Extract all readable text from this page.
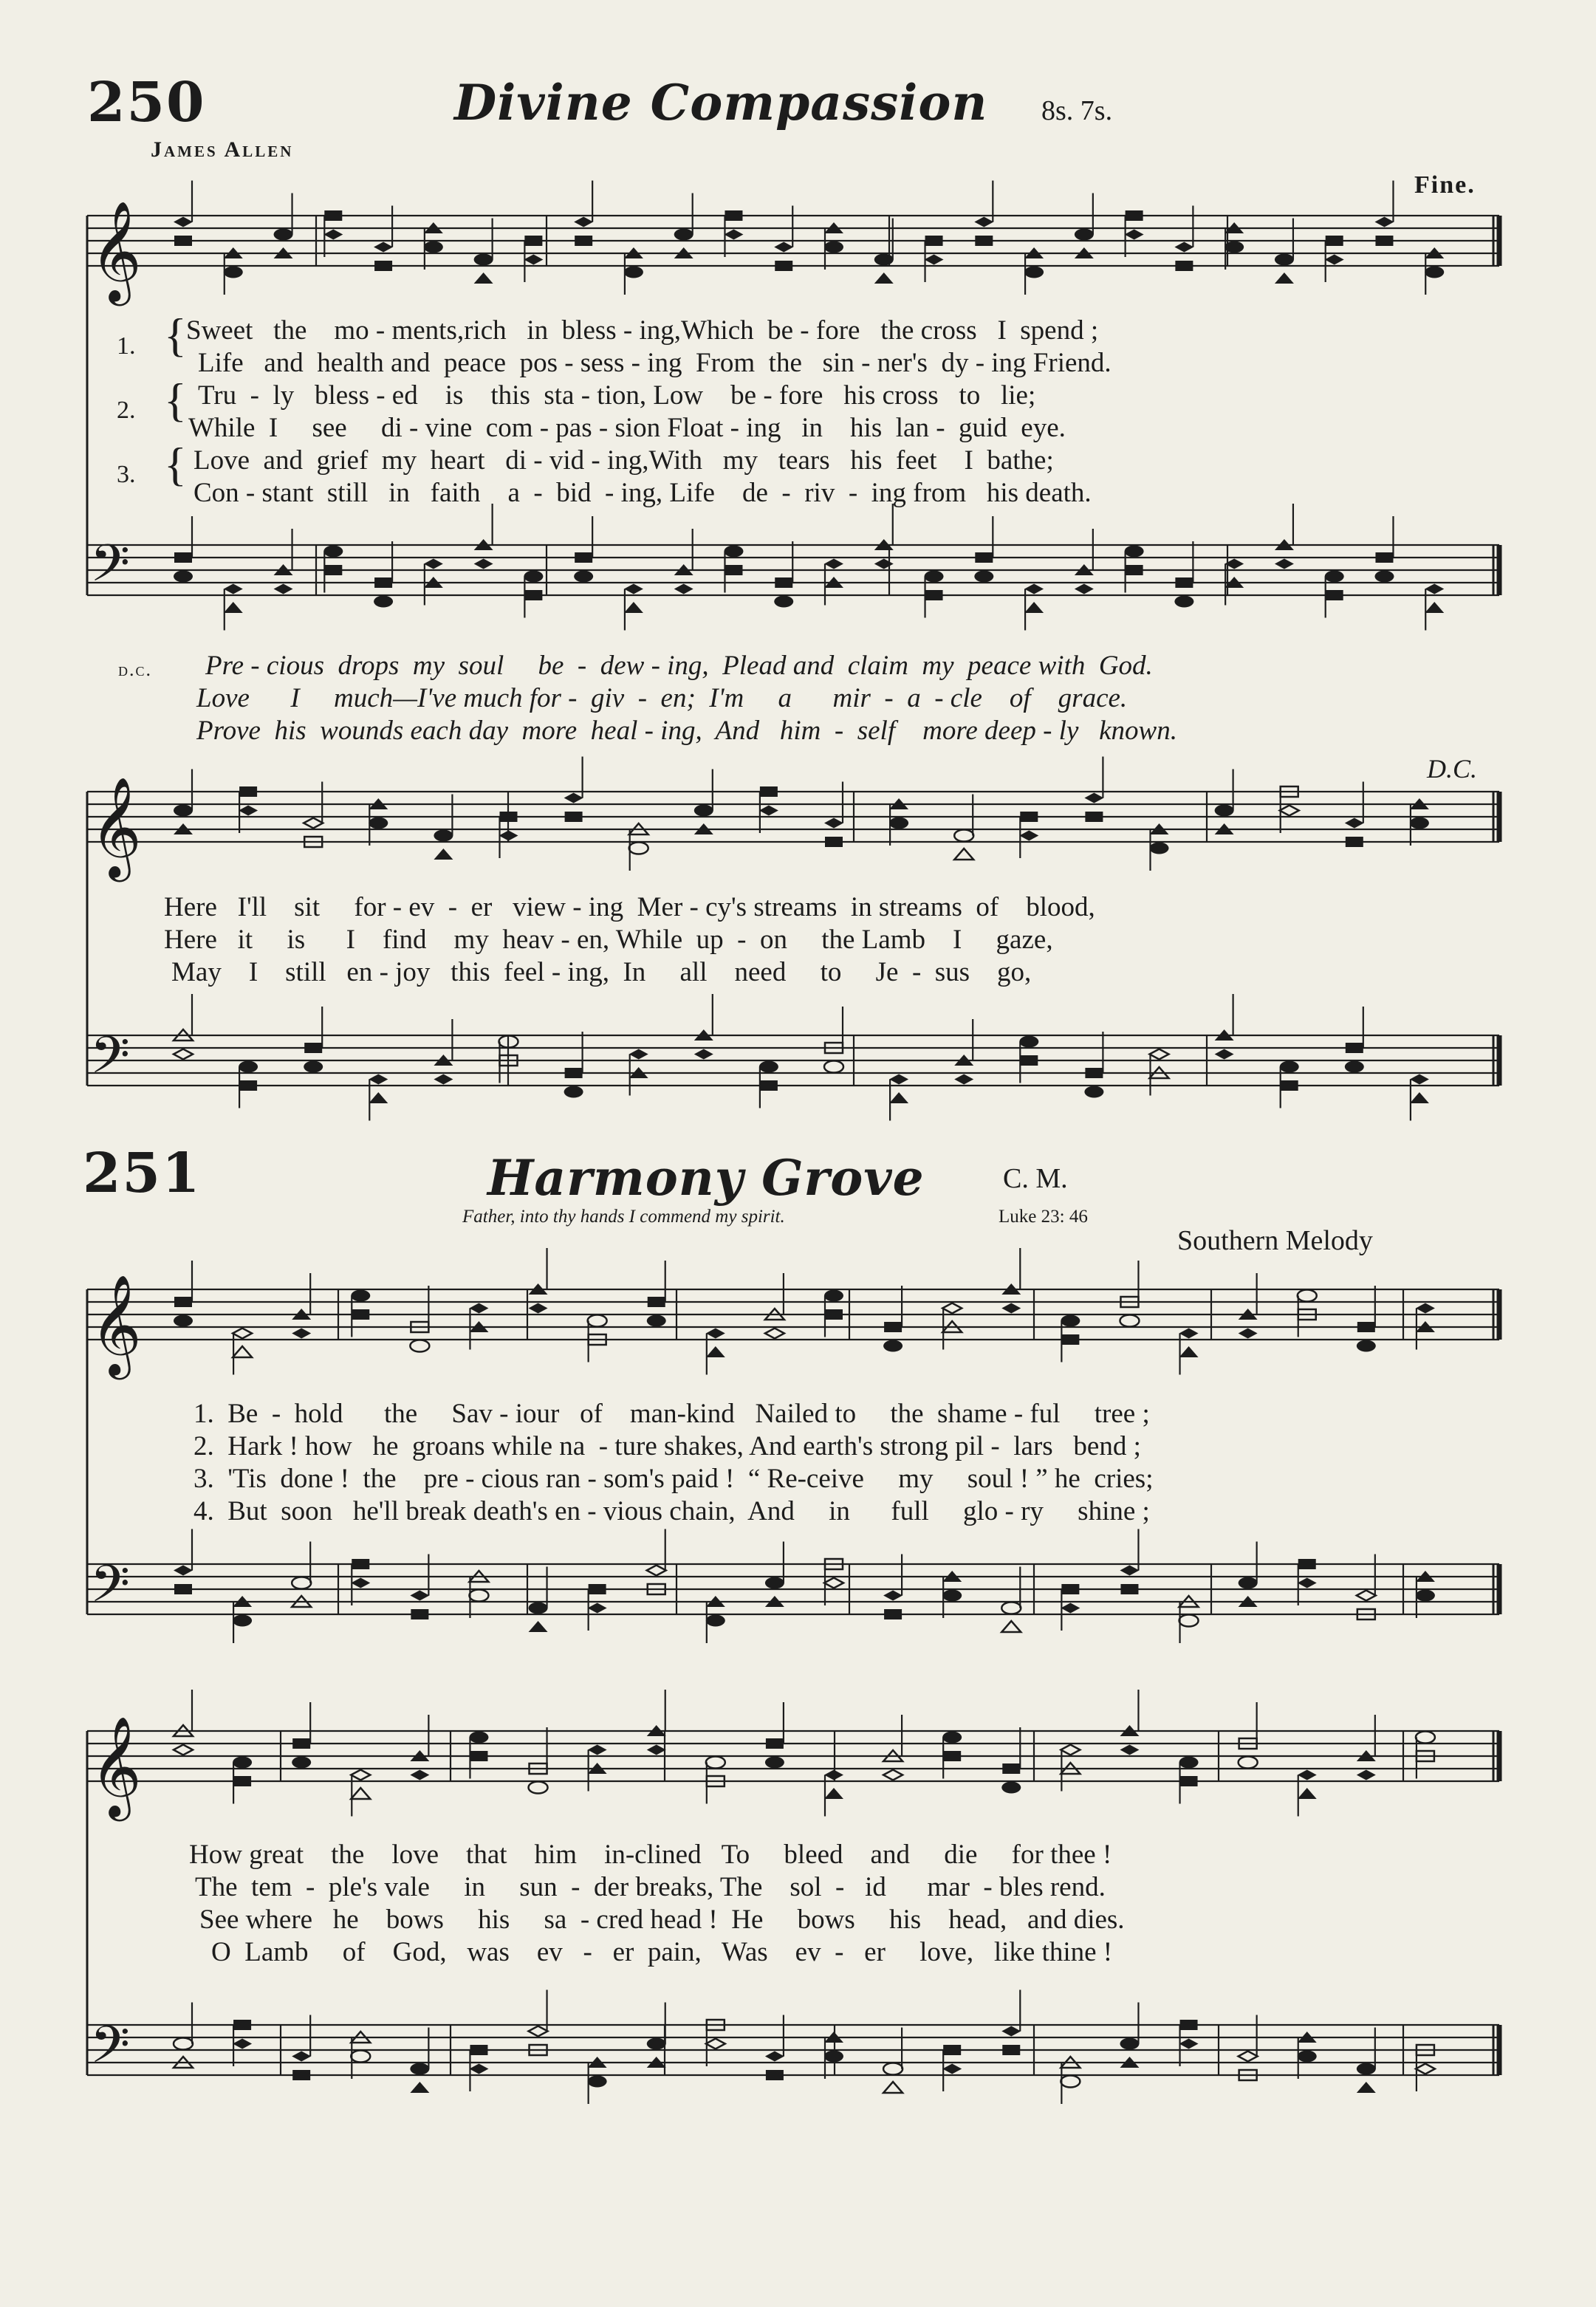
250	Divine Compassion 8s. 7s.
James Allen
Fine.
𝄞
𝄢
𝄞
𝄢
𝄞
𝄢
𝄞
𝄢
1.
2.
3.
{
{
{
Sweet   the    mo - ments,rich   in  bless - ing,Which  be - fore   the cross   I  spend ;
Life   and  health and  peace  pos - sess - ing  From  the   sin - ner's  dy - ing Friend.
Tru  -  ly   bless - ed    is    this  sta - tion, Low    be - fore   his cross   to   lie;
While  I     see     di - vine  com - pas - sion Float - ing   in    his  lan -  guid  eye.
Love  and  grief  my  heart   di - vid - ing,With   my   tears   his  feet    I  bathe;
Con - stant  still   in   faith    a  -  bid  - ing, Life    de  -  riv  -  ing from   his death.
d.c. Pre - cious  drops  my  soul     be  -  dew - ing,  Plead and  claim  my  peace with  God.
Love      I     much—I've much for -  giv  -  en;  I'm     a      mir  -  a  - cle    of    grace.
Prove  his  wounds each day  more  heal - ing,  And   him  -  self    more deep - ly   known.
D.C.
Here   I'll    sit     for - ev  -  er   view - ing  Mer - cy's streams  in streams  of    blood,
Here   it     is      I    find    my  heav - en, While  up  -  on     the Lamb    I     gaze,
May    I    still   en - joy   this  feel - ing,  In     all    need     to     Je  -  sus    go,
251	Harmony Grove	C. M.
Father, into thy hands I commend my spirit.	Luke 23: 46
Southern Melody
1.  Be  -  hold      the     Sav - iour   of    man-kind   Nailed to     the  shame - ful     tree ;
2.  Hark ! how   he  groans while na  - ture shakes, And earth's strong pil -  lars   bend ;
3.  'Tis  done !  the    pre - cious ran - som's paid !  “ Re-ceive     my     soul ! ” he  cries;
4.  But  soon   he'll break death's en - vious chain,  And     in      full     glo - ry     shine ;
How great    the    love    that    him    in-clined   To     bleed    and     die     for thee !
The  tem  -  ple's vale     in     sun  -  der breaks, The    sol  -   id      mar  - bles rend.
See where   he    bows     his     sa  - cred head !  He     bows     his    head,   and dies.
O  Lamb     of    God,   was    ev   -   er  pain,   Was    ev  -   er     love,   like thine !
